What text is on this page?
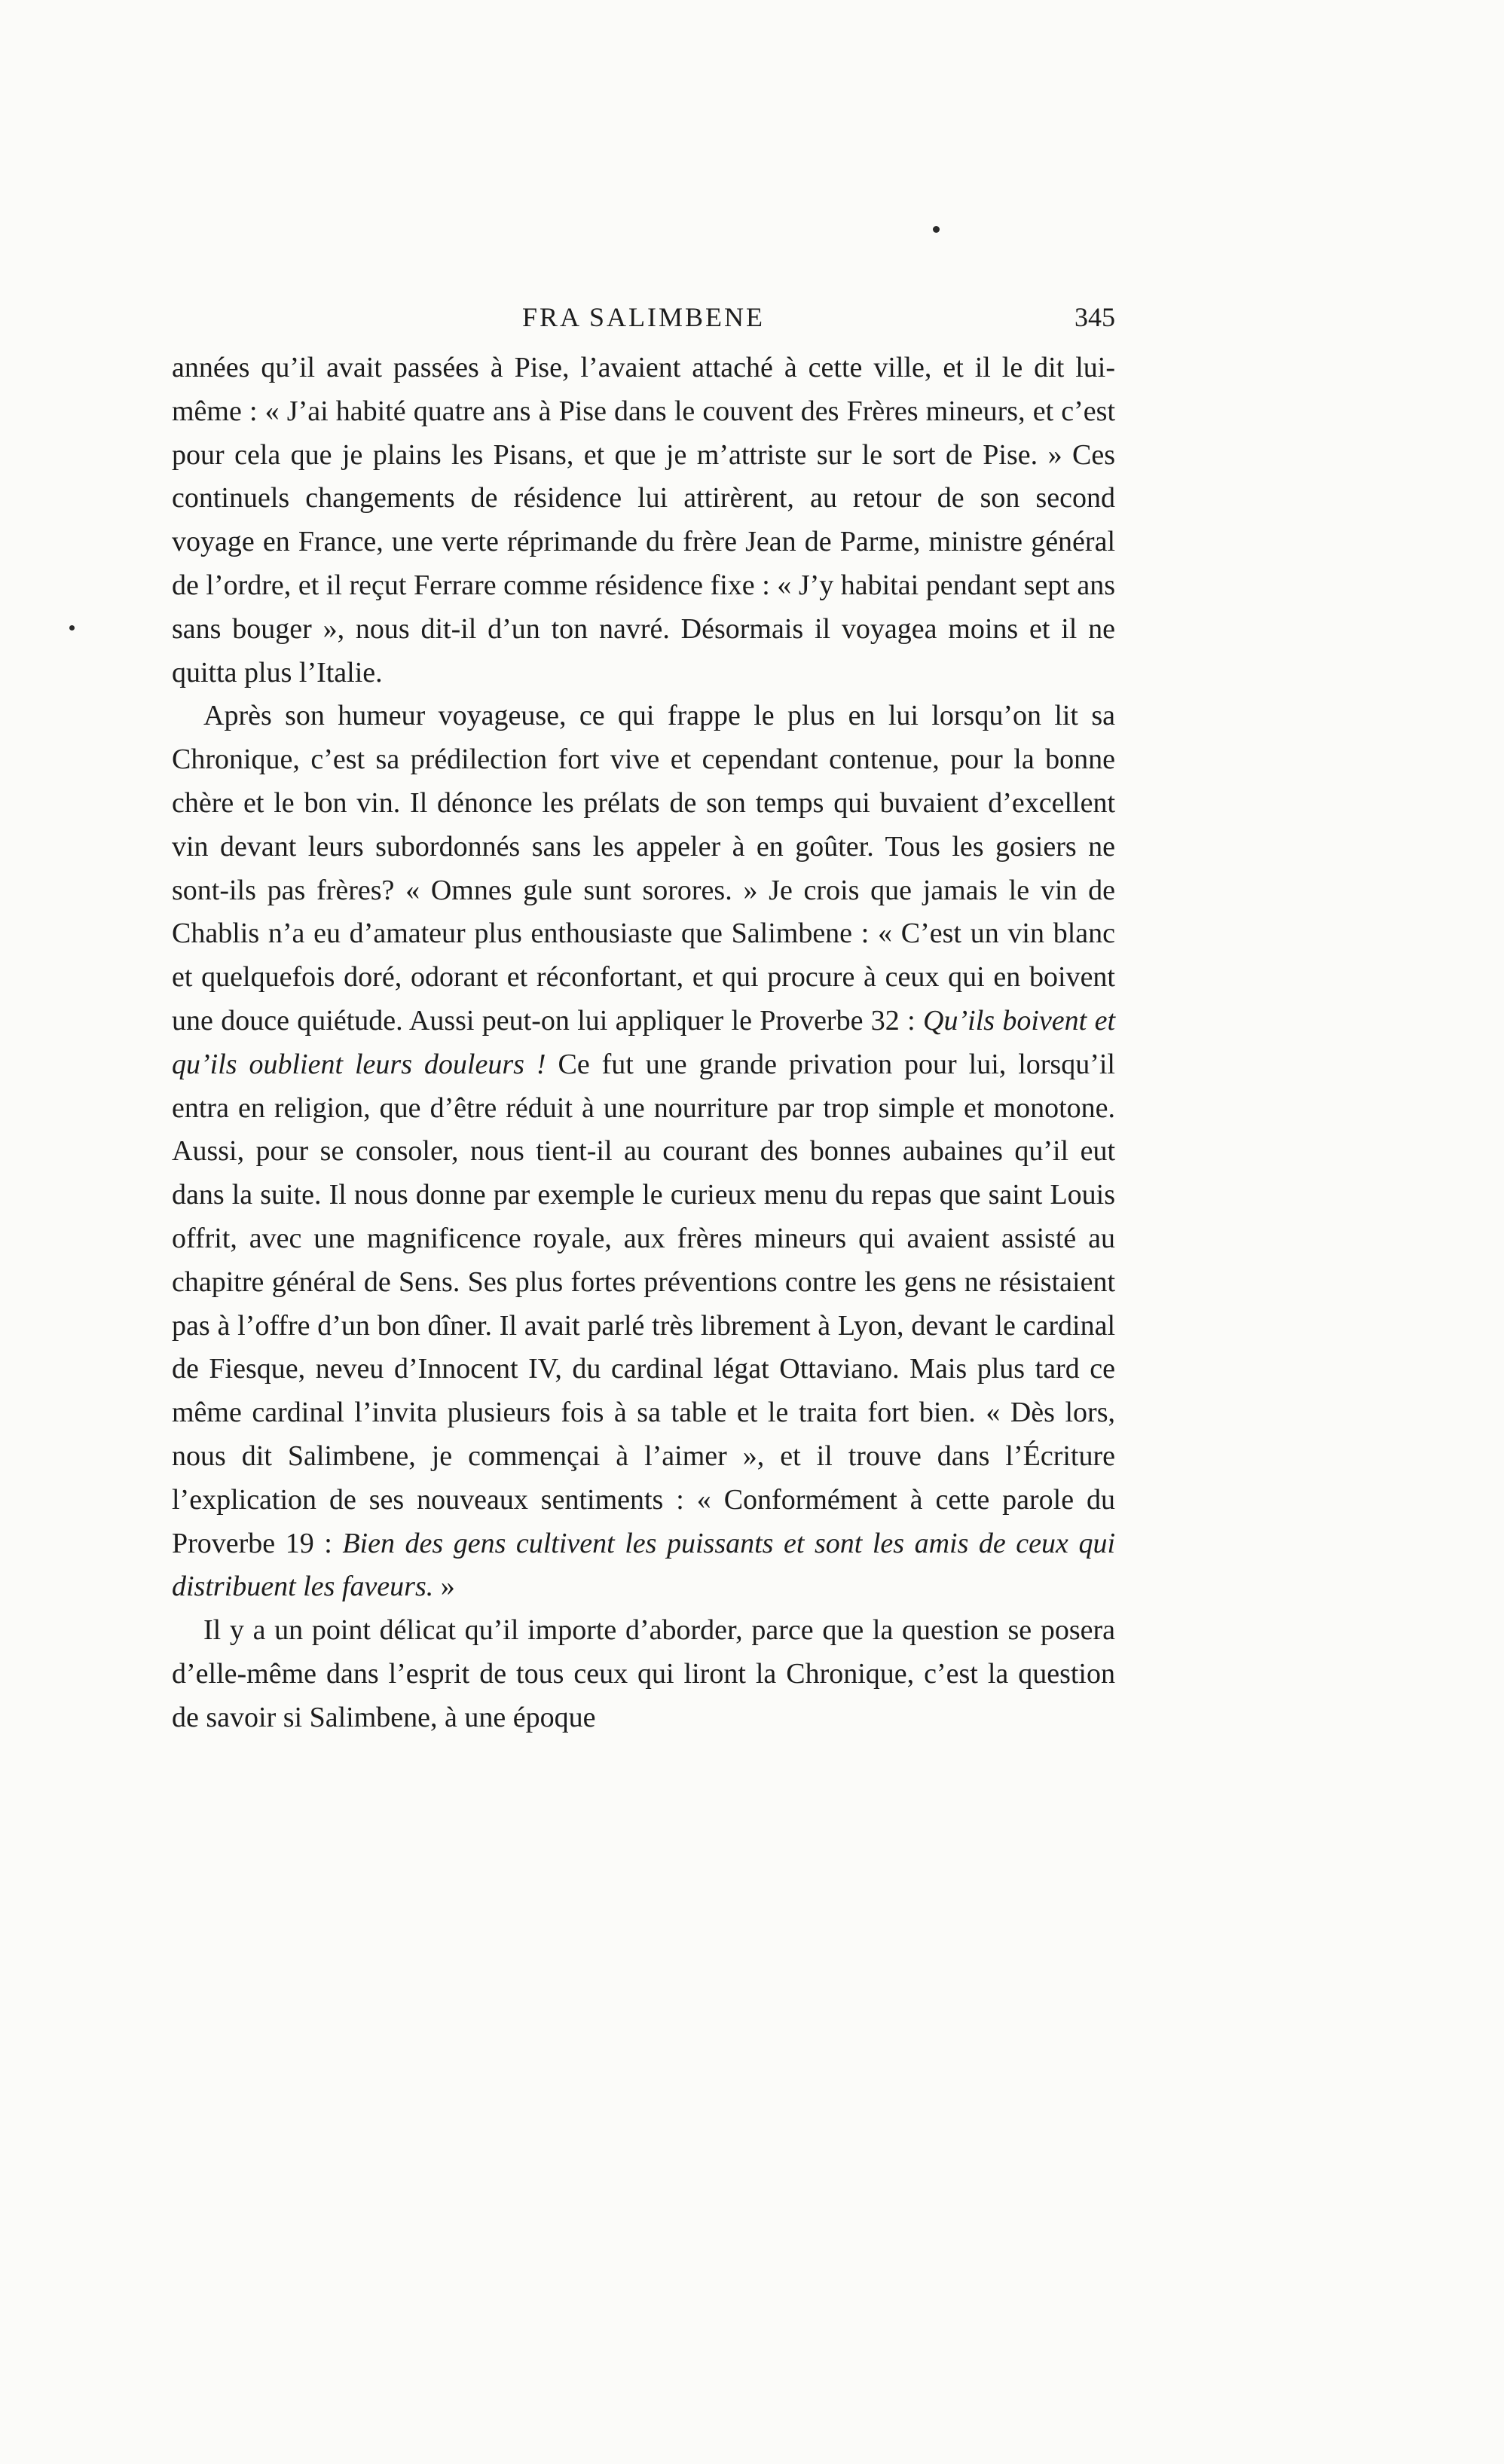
FRA SALIMBENE	345

années qu’il avait passées à Pise, l’avaient attaché à cette ville, et il le dit lui-même : « J’ai habité quatre ans à Pise dans le couvent des Frères mineurs, et c’est pour cela que je plains les Pisans, et que je m’attriste sur le sort de Pise. » Ces continuels changements de résidence lui attirèrent, au retour de son second voyage en France, une verte réprimande du frère Jean de Parme, ministre général de l’ordre, et il reçut Ferrare comme résidence fixe : « J’y habitai pendant sept ans sans bouger », nous dit-il d’un ton navré. Désormais il voyagea moins et il ne quitta plus l’Italie.

Après son humeur voyageuse, ce qui frappe le plus en lui lorsqu’on lit sa Chronique, c’est sa prédilection fort vive et cependant contenue, pour la bonne chère et le bon vin. Il dénonce les prélats de son temps qui buvaient d’excellent vin devant leurs subordonnés sans les appeler à en goûter. Tous les gosiers ne sont-ils pas frères? « Omnes gule sunt sorores. » Je crois que jamais le vin de Chablis n’a eu d’amateur plus enthousiaste que Salimbene : « C’est un vin blanc et quelquefois doré, odorant et réconfortant, et qui procure à ceux qui en boivent une douce quiétude. Aussi peut-on lui appliquer le Proverbe 32 : Qu’ils boivent et qu’ils oublient leurs douleurs ! Ce fut une grande privation pour lui, lorsqu’il entra en religion, que d’être réduit à une nourriture par trop simple et monotone. Aussi, pour se consoler, nous tient-il au courant des bonnes aubaines qu’il eut dans la suite. Il nous donne par exemple le curieux menu du repas que saint Louis offrit, avec une magnificence royale, aux frères mineurs qui avaient assisté au chapitre général de Sens. Ses plus fortes préventions contre les gens ne résistaient pas à l’offre d’un bon dîner. Il avait parlé très librement à Lyon, devant le cardinal de Fiesque, neveu d’Innocent IV, du cardinal légat Ottaviano. Mais plus tard ce même cardinal l’invita plusieurs fois à sa table et le traita fort bien. « Dès lors, nous dit Salimbene, je commençai à l’aimer », et il trouve dans l’Écriture l’explication de ses nouveaux sentiments : « Conformément à cette parole du Proverbe 19 : Bien des gens cultivent les puissants et sont les amis de ceux qui distribuent les faveurs. »

Il y a un point délicat qu’il importe d’aborder, parce que la question se posera d’elle-même dans l’esprit de tous ceux qui liront la Chronique, c’est la question de savoir si Salimbene, à une époque
